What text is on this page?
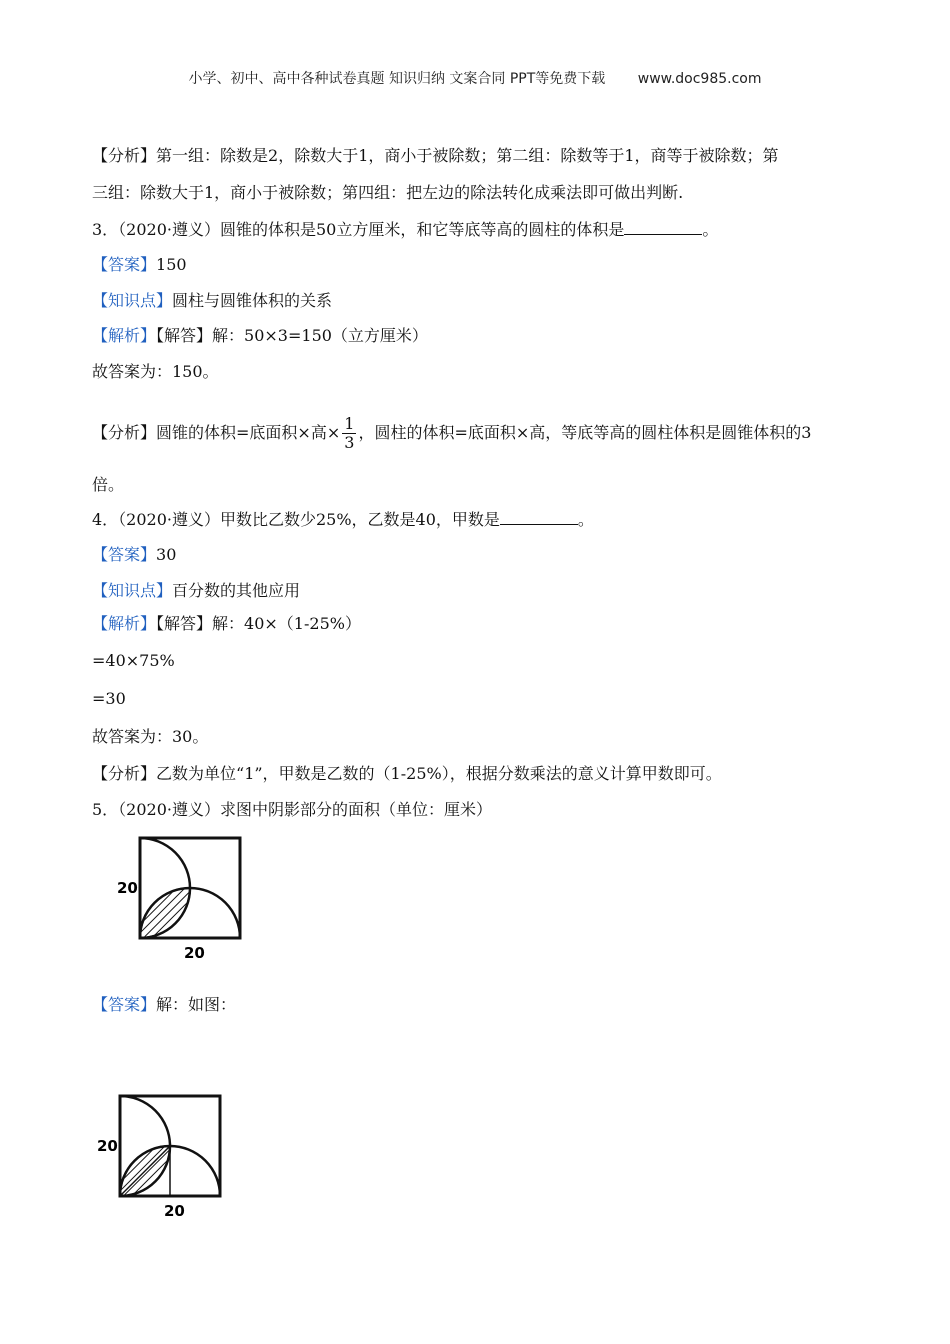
小学、初中、高中各种试卷真题 知识归纳 文案合同 PPT等免费下载 www.doc985.com
【分析】第一组：除数是2，除数大于1，商小于被除数；第二组：除数等于1，商等于被除数；第
三组：除数大于1，商小于被除数；第四组：把左边的除法转化成乘法即可做出判断.
3．（2020·遵义）圆锥的体积是50立方厘米，和它等底等高的圆柱的体积是	。
【答案】150
【知识点】圆柱与圆锥体积的关系
【解析】【解答】解：50×3=150（立方厘米）
故答案为：150。
【分析】圆锥的体积=底面积×高× $\frac{1}{3}$ ，圆柱的体积=底面积×高，等底等高的圆柱体积是圆锥体积的3
倍。
4．（2020·遵义）甲数比乙数少25%，乙数是40，甲数是	。
【答案】30
【知识点】百分数的其他应用
【解析】【解答】解：40×（1-25%）
=40×75%
=30
故答案为：30。
【分析】乙数为单位“1”，甲数是乙数的（1-25%），根据分数乘法的意义计算甲数即可。
5．（2020·遵义）求图中阴影部分的面积（单位：厘米）
20
20
【答案】解：如图：
20
20
